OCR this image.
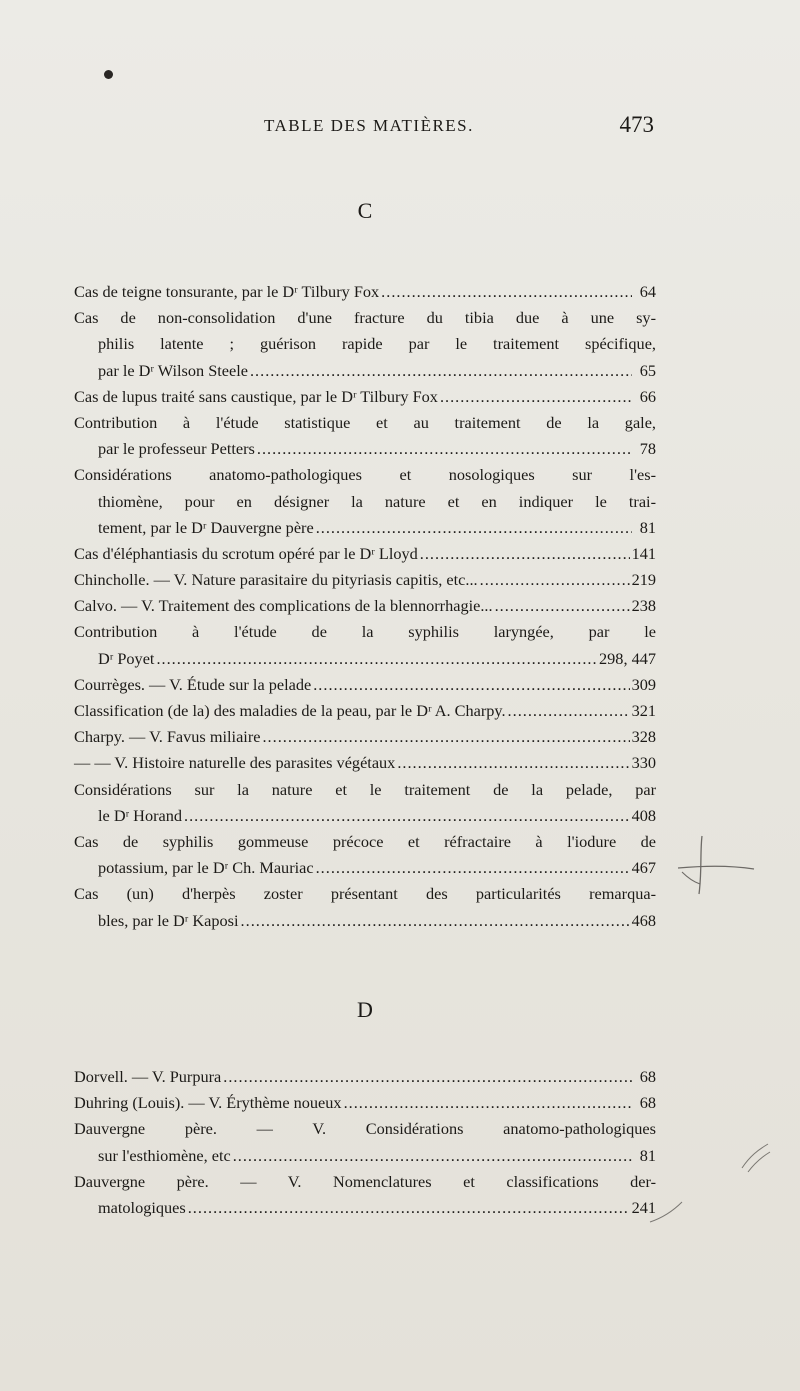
TABLE DES MATIÈRES.	473
C
Cas de teigne tonsurante, par le Dʳ Tilbury Fox .....	64
Cas de non-consolidation d'une fracture du tibia due à une sy-
philis latente ; guérison rapide par le traitement spécifique,
par le Dʳ Wilson Steele .....	65
Cas de lupus traité sans caustique, par le Dʳ Tilbury Fox .....	66
Contribution à l'étude statistique et au traitement de la gale,
par le professeur Petters .....	78
Considérations anatomo-pathologiques et nosologiques sur l'es-
thiomène, pour en désigner la nature et en indiquer le trai-
tement, par le Dʳ Dauvergne père .....	81
Cas d'éléphantiasis du scrotum opéré par le Dʳ Lloyd .....	141
Chincholle. — V. Nature parasitaire du pityriasis capitis, etc... .....	219
Calvo. — V. Traitement des complications de la blennorrhagie... .....	238
Contribution à l'étude de la syphilis laryngée, par le
Dʳ Poyet .....	298, 447
Courrèges. — V. Étude sur la pelade .....	309
Classification (de la) des maladies de la peau, par le Dʳ A. Charpy. .....	321
Charpy. — V. Favus miliaire .....	328
— — V. Histoire naturelle des parasites végétaux .....	330
Considérations sur la nature et le traitement de la pelade, par
le Dʳ Horand .....	408
Cas de syphilis gommeuse précoce et réfractaire à l'iodure de
potassium, par le Dʳ Ch. Mauriac .....	467
Cas (un) d'herpès zoster présentant des particularités remarqua-
bles, par le Dʳ Kaposi .....	468
D
Dorvell. — V. Purpura .....	68
Duhring (Louis). — V. Érythème noueux .....	68
Dauvergne père. — V. Considérations anatomo-pathologiques
sur l'esthiomène, etc .....	81
Dauvergne père. — V. Nomenclatures et classifications der-
matologiques .....	241
